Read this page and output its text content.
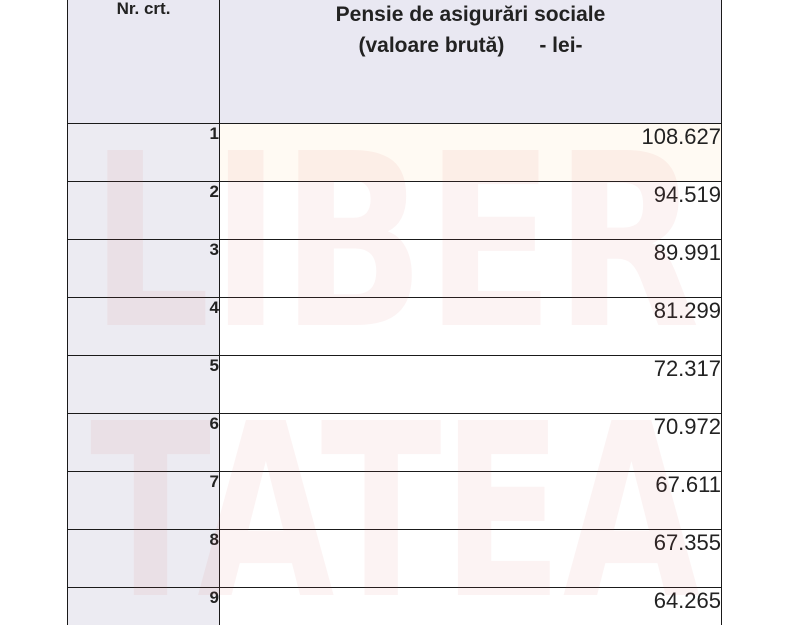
Nr. crt.	Pensie de asigurări sociale
(valoare brută)      - lei-

1	108.627
2	94.519
3	89.991
4	81.299
5	72.317
6	70.972
7	67.611
8	67.355
9	64.265
